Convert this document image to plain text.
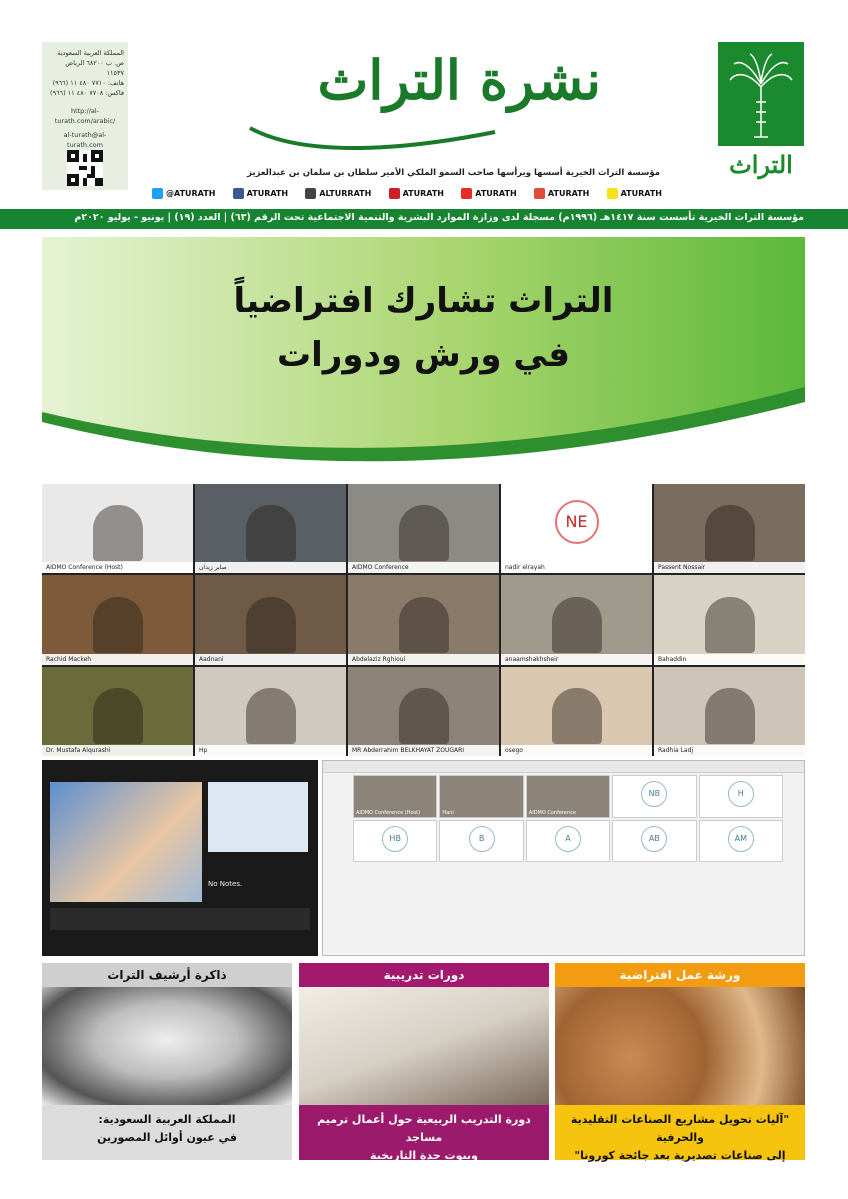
المملكة العربية السعودية
ص. ب ٦٨٢٠٠ الرياض ١١٥٣٧
هاتف: ٧٧١٠ ٤٨٠ ١١ (٩٦٦)
فاكس: ٧٧٠٨ ٤٨٠ ١١ (٩٦٦)
http://al-turath.com/arabic/
al-turath@al-turath.com
نشرة التراث
مؤسسة التراث الخيرية أسسها ويرأسها صاحب السمو الملكي الأمير سلطان بن سلمان بن عبدالعزيز
@ATURATH	ATURATH	ALTURRATH	ATURATH	ATURATH	ATURATH	ATURATH
التراث
مؤسسة التراث الخيرية تأسست سنة ١٤١٧هـ (١٩٩٦م) مسجلة لدى وزارة الموارد البشرية والتنمية الاجتماعية تحت الرقم (٦٣) | العدد (١٩) | يونيو - يوليو ٢٠٢٠م
التراث تشارك افتراضياً
في ورش ودورات
AIDMO Conference (Host)	صابر زيدان	AIDMO Conference
NE
nadir elrayah	Passent Nossair
Rachid Mackeh	Aadnani	Abdelaziz Rghioui	anaamshakhsheir	Bahaddin
Dr. Mustafa Alqurashi	Hp	MR Abderrahim BELKHAYAT ZOUGARI	osego	Radhia Ladj
No Notes.
AIDMO Conference (Host)	Hani	AIDMO Conference
NB	H
HB	B	A	AB	AM
ورشة عمل افتراضية
"آليات تحويل مشاريع الصناعات التقليدية والحرفية
إلى صناعات تصديرية بعد جائحة كورونا"
دورات تدريبية
دورة التدريب الربيعية حول أعمال ترميم مساجد
وبيوت جدة التاريخية
ذاكرة أرشيف التراث
المملكة العربية السعودية:
في عيون أوائل المصورين
